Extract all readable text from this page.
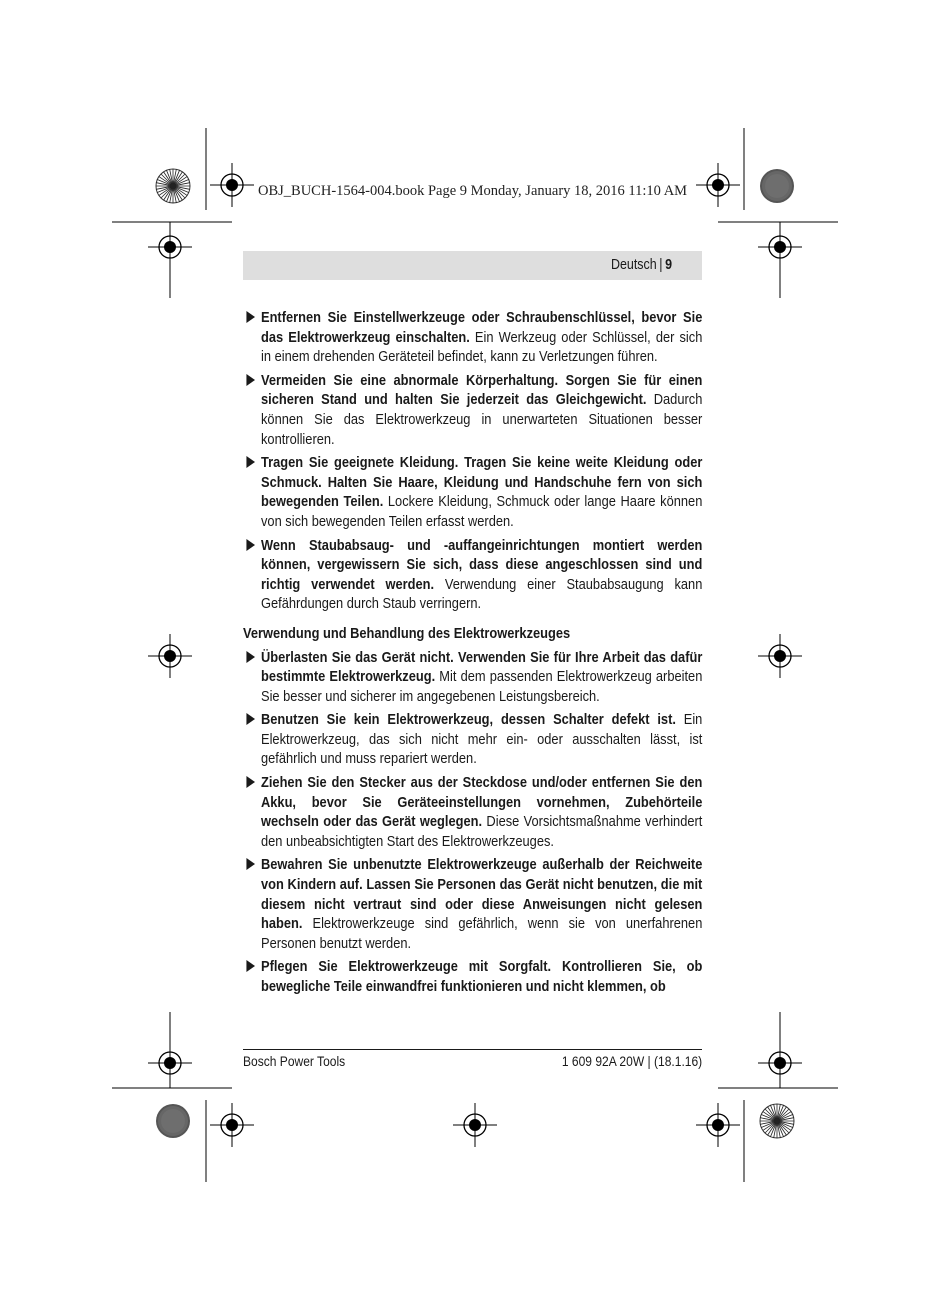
OBJ_BUCH-1564-004.book Page 9 Monday, January 18, 2016 11:10 AM
Deutsch | 9
Entfernen Sie Einstellwerkzeuge oder Schraubenschlüssel, bevor Sie das Elektrowerkzeug einschalten. Ein Werkzeug oder Schlüssel, der sich in einem drehenden Geräteteil befindet, kann zu Verletzungen führen.
Vermeiden Sie eine abnormale Körperhaltung. Sorgen Sie für einen sicheren Stand und halten Sie jederzeit das Gleichgewicht. Dadurch können Sie das Elektrowerkzeug in unerwarteten Situationen besser kontrollieren.
Tragen Sie geeignete Kleidung. Tragen Sie keine weite Kleidung oder Schmuck. Halten Sie Haare, Kleidung und Handschuhe fern von sich bewegenden Teilen. Lockere Kleidung, Schmuck oder lange Haare können von sich bewegenden Teilen erfasst werden.
Wenn Staubabsaug- und -auffangeinrichtungen montiert werden können, vergewissern Sie sich, dass diese angeschlossen sind und richtig verwendet werden. Verwendung einer Staubabsaugung kann Gefährdungen durch Staub verringern.
Verwendung und Behandlung des Elektrowerkzeuges
Überlasten Sie das Gerät nicht. Verwenden Sie für Ihre Arbeit das dafür bestimmte Elektrowerkzeug. Mit dem passenden Elektrowerkzeug arbeiten Sie besser und sicherer im angegebenen Leistungsbereich.
Benutzen Sie kein Elektrowerkzeug, dessen Schalter defekt ist. Ein Elektrowerkzeug, das sich nicht mehr ein- oder ausschalten lässt, ist gefährlich und muss repariert werden.
Ziehen Sie den Stecker aus der Steckdose und/oder entfernen Sie den Akku, bevor Sie Geräteeinstellungen vornehmen, Zubehörteile wechseln oder das Gerät weglegen. Diese Vorsichtsmaßnahme verhindert den unbeabsichtigten Start des Elektrowerkzeuges.
Bewahren Sie unbenutzte Elektrowerkzeuge außerhalb der Reichweite von Kindern auf. Lassen Sie Personen das Gerät nicht benutzen, die mit diesem nicht vertraut sind oder diese Anweisungen nicht gelesen haben. Elektrowerkzeuge sind gefährlich, wenn sie von unerfahrenen Personen benutzt werden.
Pflegen Sie Elektrowerkzeuge mit Sorgfalt. Kontrollieren Sie, ob bewegliche Teile einwandfrei funktionieren und nicht klemmen, ob
Bosch Power Tools	1 609 92A 20W | (18.1.16)
